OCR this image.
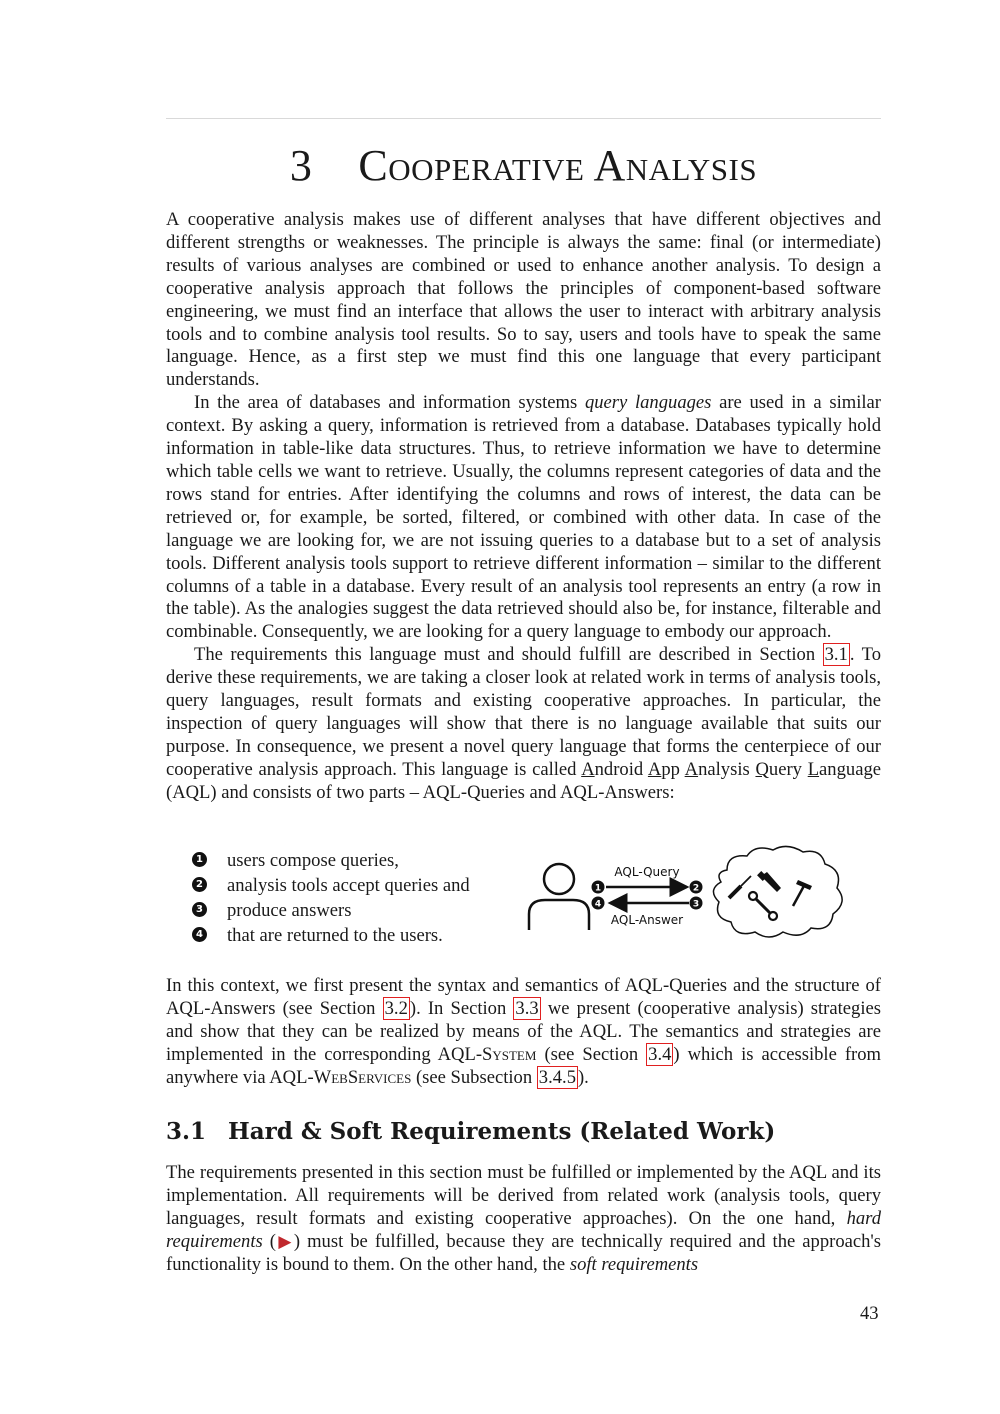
3 Cooperative Analysis

A cooperative analysis makes use of different analyses that have different objectives and different strengths or weaknesses. The principle is always the same: final (or intermediate) results of various analyses are combined or used to enhance another analysis. To design a cooperative analysis approach that follows the principles of component-based software engineering, we must find an interface that allows the user to interact with arbitrary analysis tools and to combine analysis tool results. So to say, users and tools have to speak the same language. Hence, as a first step we must find this one language that every participant understands.

In the area of databases and information systems query languages are used in a similar context. By asking a query, information is retrieved from a database. Databases typically hold information in table-like data structures. Thus, to retrieve information we have to determine which table cells we want to retrieve. Usually, the columns represent categories of data and the rows stand for entries. After identifying the columns and rows of interest, the data can be retrieved or, for example, be sorted, filtered, or combined with other data. In case of the language we are looking for, we are not issuing queries to a database but to a set of analysis tools. Different analysis tools support to retrieve different information – similar to the different columns of a table in a database. Every result of an analysis tool represents an entry (a row in the table). As the analogies suggest the data retrieved should also be, for instance, filterable and combinable. Consequently, we are looking for a query language to embody our approach.

The requirements this language must and should fulfill are described in Section 3.1 . To derive these requirements, we are taking a closer look at related work in terms of analysis tools, query languages, result formats and existing cooperative approaches. In particular, the inspection of query languages will show that there is no language available that suits our purpose. In consequence, we present a novel query language that forms the centerpiece of our cooperative analysis approach. This language is called Android App Analysis Query Language (AQL) and consists of two parts – AQL-Queries and AQL-Answers:

1 users compose queries,
2 analysis tools accept queries and
3 produce answers
4 that are returned to the users.
AQL-Query
AQL-Answer
1
4
2
3

In this context, we first present the syntax and semantics of AQL-Queries and the structure of AQL-Answers (see Section 3.2 ). In Section 3.3 we present (cooperative analysis) strategies and show that they can be realized by means of the AQL. The semantics and strategies are implemented in the corresponding AQL-System (see Section 3.4 ) which is accessible from anywhere via AQL-WebServices (see Subsection 3.4.5 ).

3.1 Hard & Soft Requirements (Related Work)

The requirements presented in this section must be fulfilled or implemented by the AQL and its implementation. All requirements will be derived from related work (analysis tools, query languages, result formats and existing cooperative approaches). On the one hand, hard requirements (▶) must be fulfilled, because they are technically required and the approach's functionality is bound to them. On the other hand, the soft requirements

43
